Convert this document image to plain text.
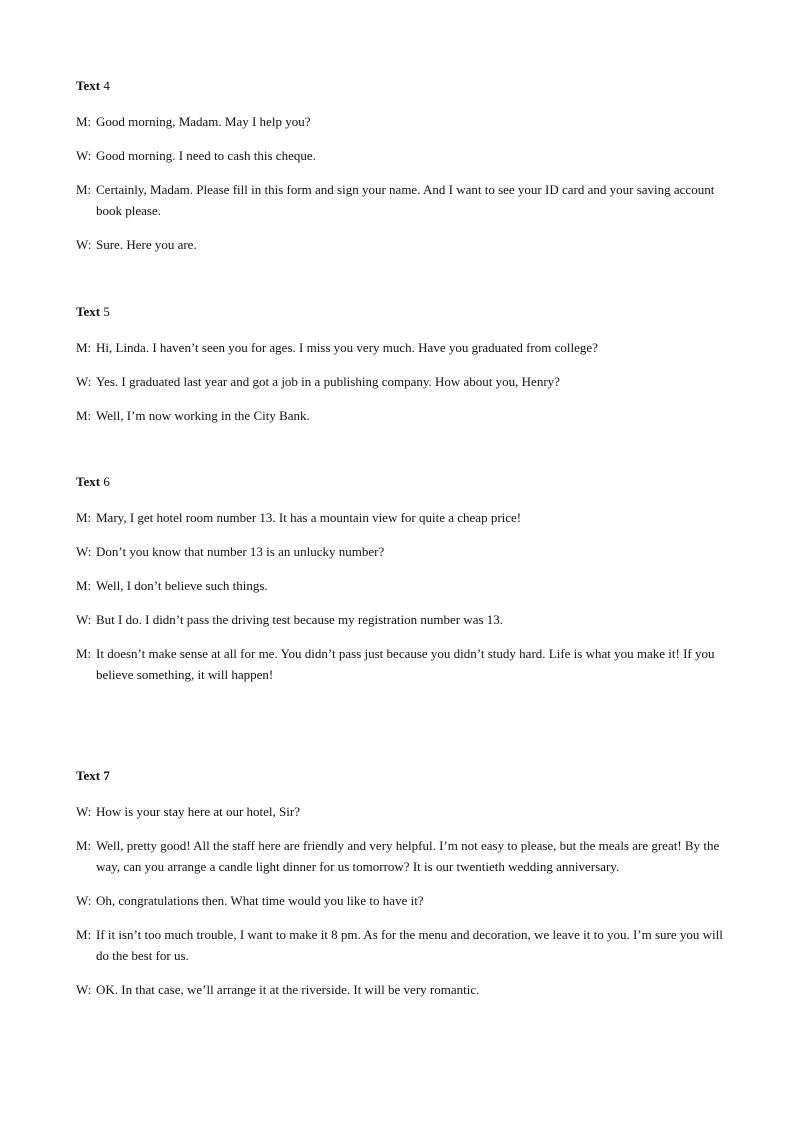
Text 4
M: Good morning, Madam. May I help you?
W: Good morning. I need to cash this cheque.
M: Certainly, Madam. Please fill in this form and sign your name. And I want to see your ID card and your saving account book please.
W: Sure. Here you are.
Text 5
M: Hi, Linda. I haven’t seen you for ages. I miss you very much. Have you graduated from college?
W: Yes. I graduated last year and got a job in a publishing company. How about you, Henry?
M: Well, I’m now working in the City Bank.
Text 6
M: Mary, I get hotel room number 13. It has a mountain view for quite a cheap price!
W: Don’t you know that number 13 is an unlucky number?
M: Well, I don’t believe such things.
W: But I do. I didn’t pass the driving test because my registration number was 13.
M: It doesn’t make sense at all for me. You didn’t pass just because you didn’t study hard. Life is what you make it! If you believe something, it will happen!
Text 7
W: How is your stay here at our hotel, Sir?
M: Well, pretty good! All the staff here are friendly and very helpful. I’m not easy to please, but the meals are great! By the way, can you arrange a candle light dinner for us tomorrow? It is our twentieth wedding anniversary.
W: Oh, congratulations then. What time would you like to have it?
M: If it isn’t too much trouble, I want to make it 8 pm. As for the menu and decoration, we leave it to you. I’m sure you will do the best for us.
W: OK. In that case, we’ll arrange it at the riverside. It will be very romantic.
